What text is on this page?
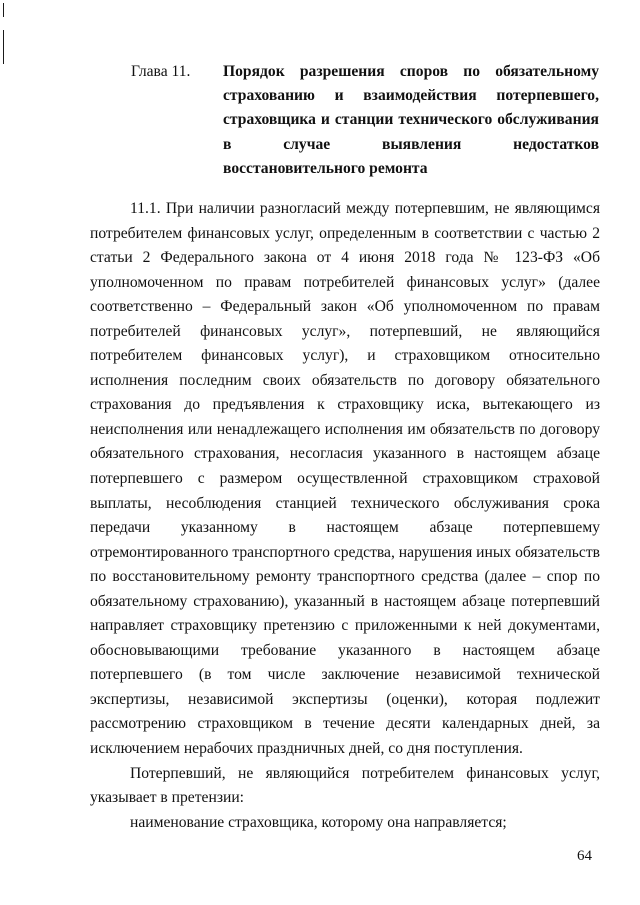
Глава 11. Порядок разрешения споров по обязательному страхованию и взаимодействия потерпевшего, страховщика и станции технического обслуживания в случае выявления недостатков восстановительного ремонта

11.1. При наличии разногласий между потерпевшим, не являющимся потребителем финансовых услуг, определенным в соответствии с частью 2 статьи 2 Федерального закона от 4 июня 2018 года № 123-ФЗ «Об уполномоченном по правам потребителей финансовых услуг» (далее соответственно – Федеральный закон «Об уполномоченном по правам потребителей финансовых услуг», потерпевший, не являющийся потребителем финансовых услуг), и страховщиком относительно исполнения последним своих обязательств по договору обязательного страхования до предъявления к страховщику иска, вытекающего из неисполнения или ненадлежащего исполнения им обязательств по договору обязательного страхования, несогласия указанного в настоящем абзаце потерпевшего с размером осуществленной страховщиком страховой выплаты, несоблюдения станцией технического обслуживания срока передачи указанному в настоящем абзаце потерпевшему отремонтированного транспортного средства, нарушения иных обязательств по восстановительному ремонту транспортного средства (далее – спор по обязательному страхованию), указанный в настоящем абзаце потерпевший направляет страховщику претензию с приложенными к ней документами, обосновывающими требование указанного в настоящем абзаце потерпевшего (в том числе заключение независимой технической экспертизы, независимой экспертизы (оценки), которая подлежит рассмотрению страховщиком в течение десяти календарных дней, за исключением нерабочих праздничных дней, со дня поступления.

Потерпевший, не являющийся потребителем финансовых услуг, указывает в претензии:

наименование страховщика, которому она направляется;

64
